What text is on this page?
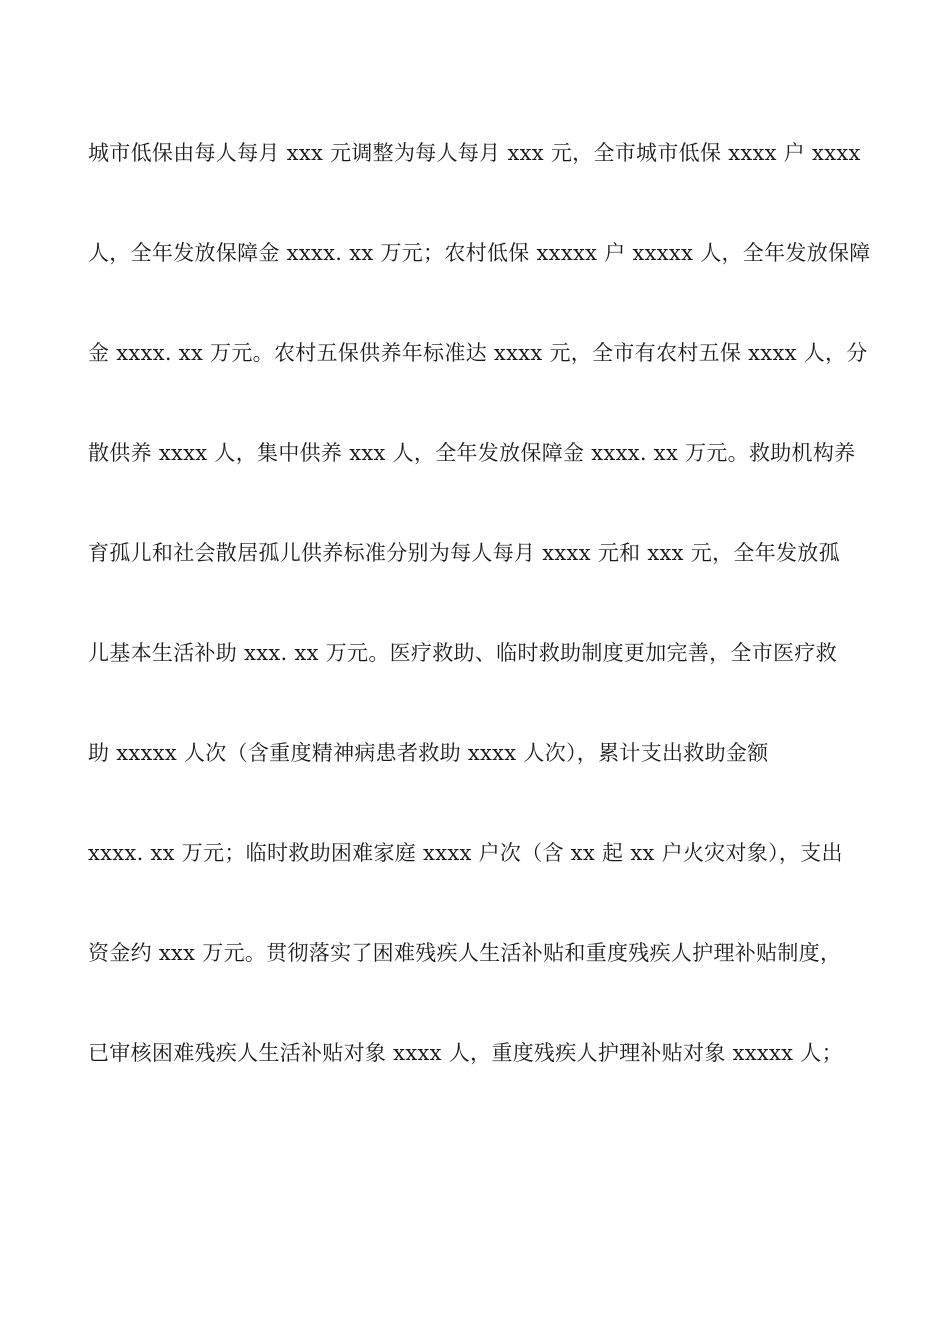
城市低保由每人每月 xxx 元调整为每人每月 xxx 元，全市城市低保 xxxx 户 xxxx
人，全年发放保障金 xxxx. xx 万元；农村低保 xxxxx 户 xxxxx 人，全年发放保障
金 xxxx. xx 万元。农村五保供养年标准达 xxxx 元，全市有农村五保 xxxx 人，分
散供养 xxxx 人，集中供养 xxx 人，全年发放保障金 xxxx. xx 万元。救助机构养
育孤儿和社会散居孤儿供养标准分别为每人每月 xxxx 元和 xxx 元，全年发放孤
儿基本生活补助 xxx. xx 万元。医疗救助、临时救助制度更加完善，全市医疗救
助 xxxxx 人次（含重度精神病患者救助 xxxx 人次），累计支出救助金额
xxxx. xx 万元；临时救助困难家庭 xxxx 户次（含 xx 起 xx 户火灾对象），支出
资金约 xxx 万元。贯彻落实了困难残疾人生活补贴和重度残疾人护理补贴制度，
已审核困难残疾人生活补贴对象 xxxx 人，重度残疾人护理补贴对象 xxxxx 人；
